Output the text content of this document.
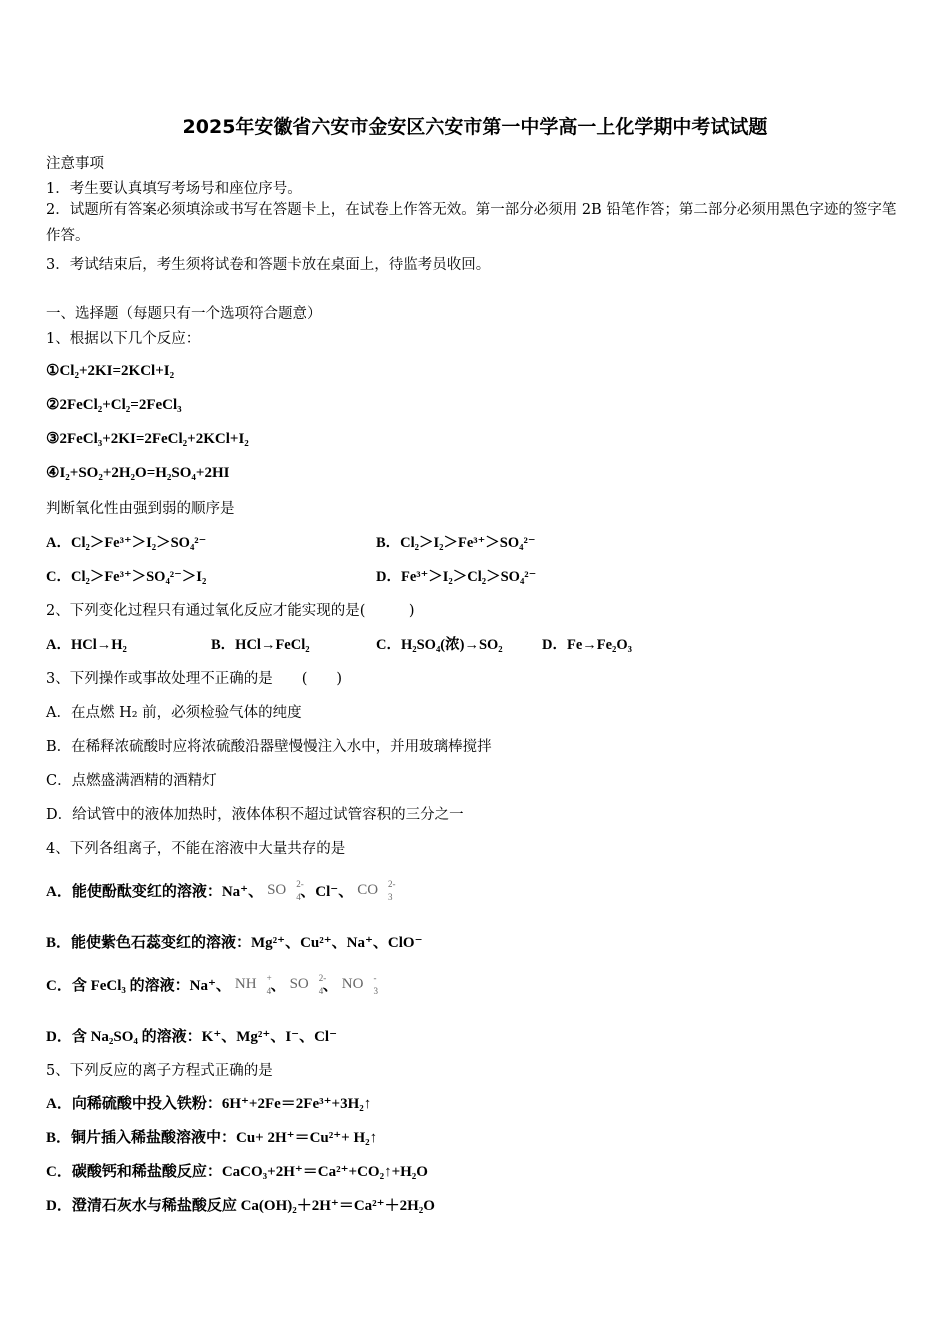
2025年安徽省六安市金安区六安市第一中学高一上化学期中考试试题
注意事项
1．考生要认真填写考场号和座位序号。
2．试题所有答案必须填涂或书写在答题卡上，在试卷上作答无效。第一部分必须用 2B 铅笔作答；第二部分必须用黑色字迹的签字笔作答。
3．考试结束后，考生须将试卷和答题卡放在桌面上，待监考员收回。
一、选择题（每题只有一个选项符合题意）
1、根据以下几个反应：
①Cl₂+2KI=2KCl+I₂
②2FeCl₂+Cl₂=2FeCl₃
③2FeCl₃+2KI=2FeCl₂+2KCl+I₂
④I₂+SO₂+2H₂O=H₂SO₄+2HI
判断氧化性由强到弱的顺序是
A．Cl₂＞Fe³⁺＞I₂＞SO₄²⁻	B．Cl₂＞I₂＞Fe³⁺＞SO₄²⁻
C．Cl₂＞Fe³⁺＞SO₄²⁻＞I₂	D．Fe³⁺＞I₂＞Cl₂＞SO₄²⁻
2、下列变化过程只有通过氧化反应才能实现的是(　　　)
A．HCl→H₂	B．HCl→FeCl₂	C．H₂SO₄(浓)→SO₂	D．Fe→Fe₂O₃
3、下列操作或事故处理不正确的是　　(　　)
A．在点燃 H₂ 前，必须检验气体的纯度
B．在稀释浓硫酸时应将浓硫酸沿器壁慢慢注入水中，并用玻璃棒搅拌
C．点燃盛满酒精的酒精灯
D．给试管中的液体加热时，液体体积不超过试管容积的三分之一
4、下列各组离子，不能在溶液中大量共存的是
A．能使酚酞变红的溶液：Na⁺、 SO 2-
4 、Cl⁻、 CO 2-
3
B．能使紫色石蕊变红的溶液：Mg²⁺、Cu²⁺、Na⁺、ClO⁻
C．含 FeCl₃ 的溶液：Na⁺、 NH +
4 、 SO 2-
4 、 NO -
3
D．含 Na₂SO₄ 的溶液：K⁺、Mg²⁺、I⁻、Cl⁻
5、下列反应的离子方程式正确的是
A．向稀硫酸中投入铁粉：6H⁺+2Fe＝2Fe³⁺+3H₂↑
B．铜片插入稀盐酸溶液中：Cu+ 2H⁺＝Cu²⁺+ H₂↑
C．碳酸钙和稀盐酸反应：CaCO₃+2H⁺＝Ca²⁺+CO₂↑+H₂O
D．澄清石灰水与稀盐酸反应 Ca(OH)₂＋2H⁺＝Ca²⁺＋2H₂O
